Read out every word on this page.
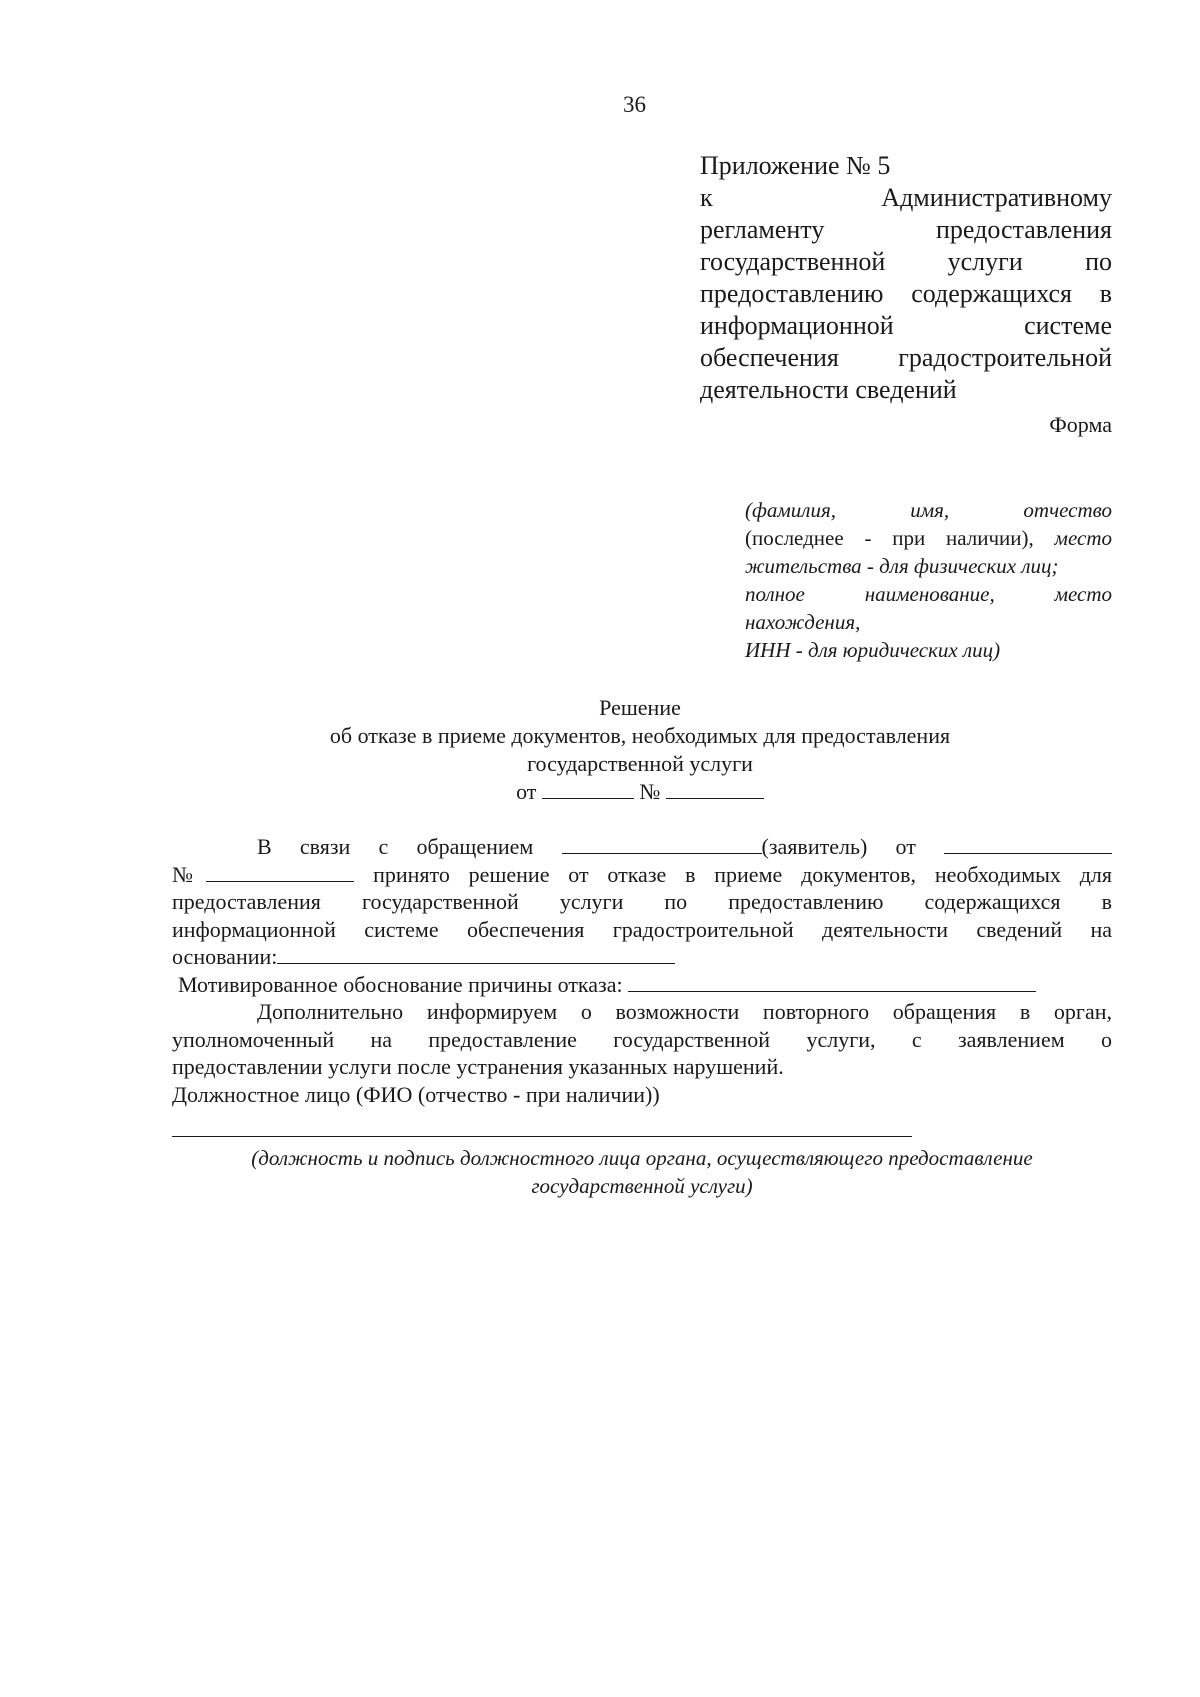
36
Приложение № 5
к Административному
регламенту предоставления
государственной услуги по
предоставлению содержащихся в
информационной системе
обеспечения градостроительной
деятельности сведений
Форма
(фамилия, имя, отчество
(последнее - при наличии), место
жительства - для физических лиц;
полное наименование, место
нахождения,
ИНН - для юридических лиц)
Решение
об отказе в приеме документов, необходимых для предоставления
государственной услуги
от	№
В связи с обращением	(заявитель) от
№	принято решение от отказе в приеме документов, необходимых для
предоставления государственной услуги по предоставлению содержащихся в
информационной системе обеспечения градостроительной деятельности сведений на
основании:
Мотивированное обоснование причины отказа:
Дополнительно информируем о возможности повторного обращения в орган,
уполномоченный на предоставление государственной услуги, с заявлением о
предоставлении услуги после устранения указанных нарушений.
Должностное лицо (ФИО (отчество - при наличии))
(должность и подпись должностного лица органа, осуществляющего предоставление
государственной услуги)
